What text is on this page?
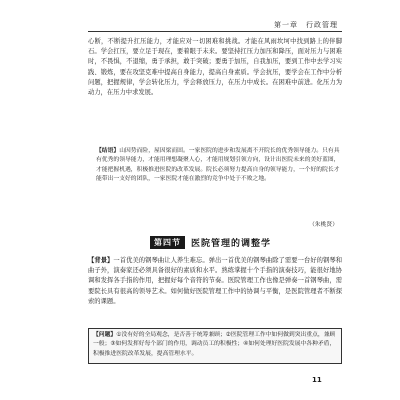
第一章　行政管理
心断，不断提升扛压能力，才能应对一切困难和挑战。才能在风雨坎坷中找到路上的伴脚石。学会扛压，要立足于现在，要着眼于未来。要坚持扛压力加压和降压，面对压力与困难时，不畏惧，不退缩，勇于承担，敢于突破；要勇于加压，自我加压，要到工作中去学习实践、锻炼，要在攻坚克难中提高自身能力，提高自身素质。学会抗压，要学会在工作中分析问题，把握规律，学会转化压力，学会释放压力，在压力中成长。在困难中前进。化压力为动力，在压力中求发展。
【结语】山因势而险，屋因梁而固。一家医院的进步和发展离不开院长的优秀领导能力。只有具有优秀的领导能力，才能用理想凝聚人心，才能用规划引领方向，设计出医院未来的美好蓝图，才能把握机遇，积极推进医院的改革发展。院长必须努力提高自身的领导能力，一个好的院长才能带出一支好的团队，一家医院才能在激烈的竞争中处于不败之地。
（朱桃贤）
第四节	医院管理的调整学
【背景】一首优美的钢琴曲让人养生难忘。弹出一首优美的钢琴曲除了需要一台好的钢琴和曲子外，演奏家还必须具备很好的素质和水平。熟练掌握十个手指的演奏技巧，能很好地协调和发挥各手指的作用，把握好每个音符的节奏。医院管理工作也像是弹奏一首钢琴曲，需要院长具有很高的领导艺术。如何做好医院管理工作中的协调与平衡，是医院管理者不断探索的课题。
【问题】①没有好的全局观念，是否善于统筹兼顾；②医院管理工作中如何做到突出重点，兼顾一般；③如何发挥好每个部门的作用，调动员工的积极性；④如何处理好医院发展中各种矛盾，积极推进医院改革发展，提高管理水平。
11
